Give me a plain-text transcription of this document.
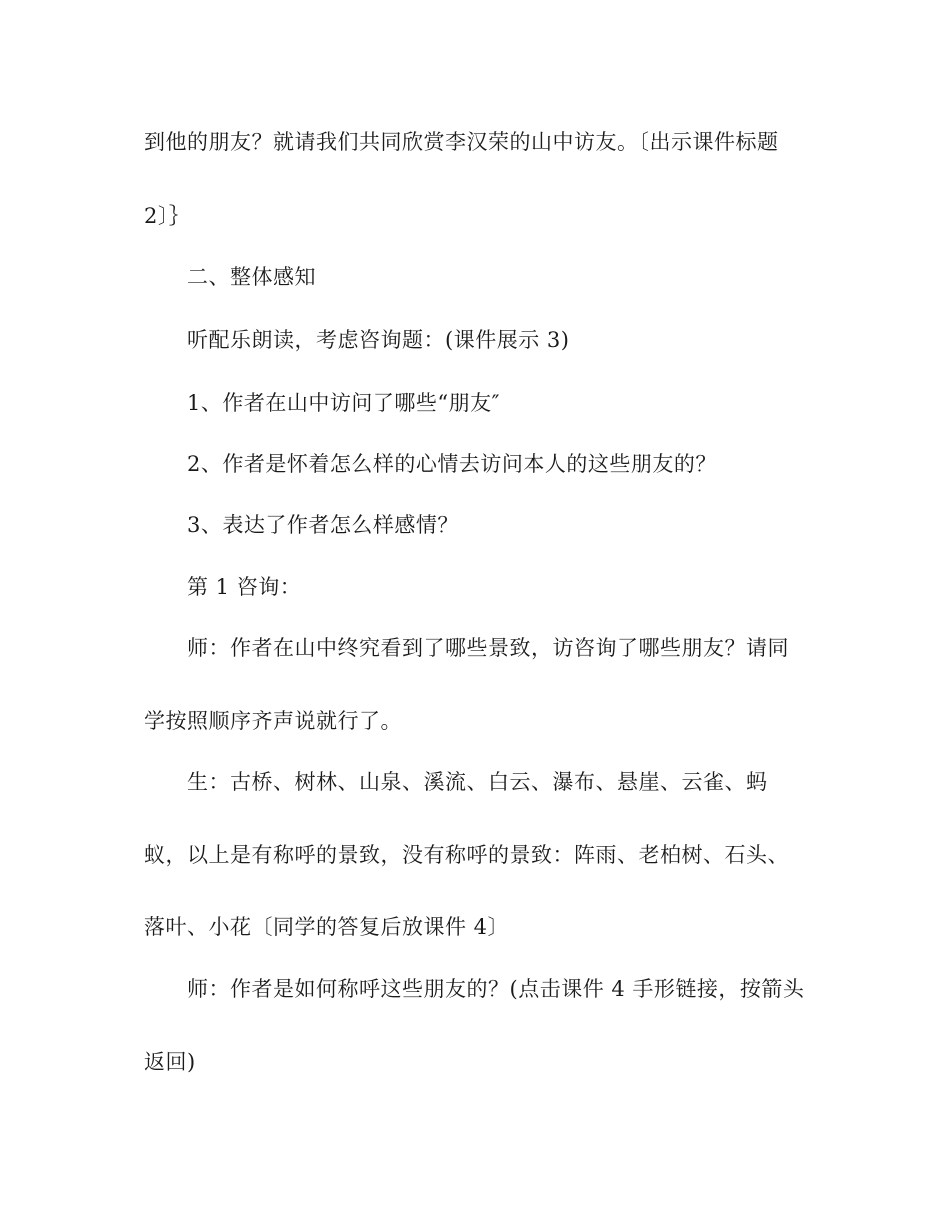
到他的朋友？就请我们共同欣赏李汉荣的山中访友。〔出示课件标题
2〕｝
二、整体感知
听配乐朗读，考虑咨询题：(课件展示 3)
1、作者在山中访问了哪些“朋友″
2、作者是怀着怎么样的心情去访问本人的这些朋友的？
3、表达了作者怎么样感情？
第 1 咨询：
师：作者在山中终究看到了哪些景致，访咨询了哪些朋友？请同
学按照顺序齐声说就行了。
生：古桥、树林、山泉、溪流、白云、瀑布、悬崖、云雀、蚂
蚁，以上是有称呼的景致，没有称呼的景致：阵雨、老柏树、石头、
落叶、小花〔同学的答复后放课件 4〕
师：作者是如何称呼这些朋友的？(点击课件 4 手形链接，按箭头
返回)
